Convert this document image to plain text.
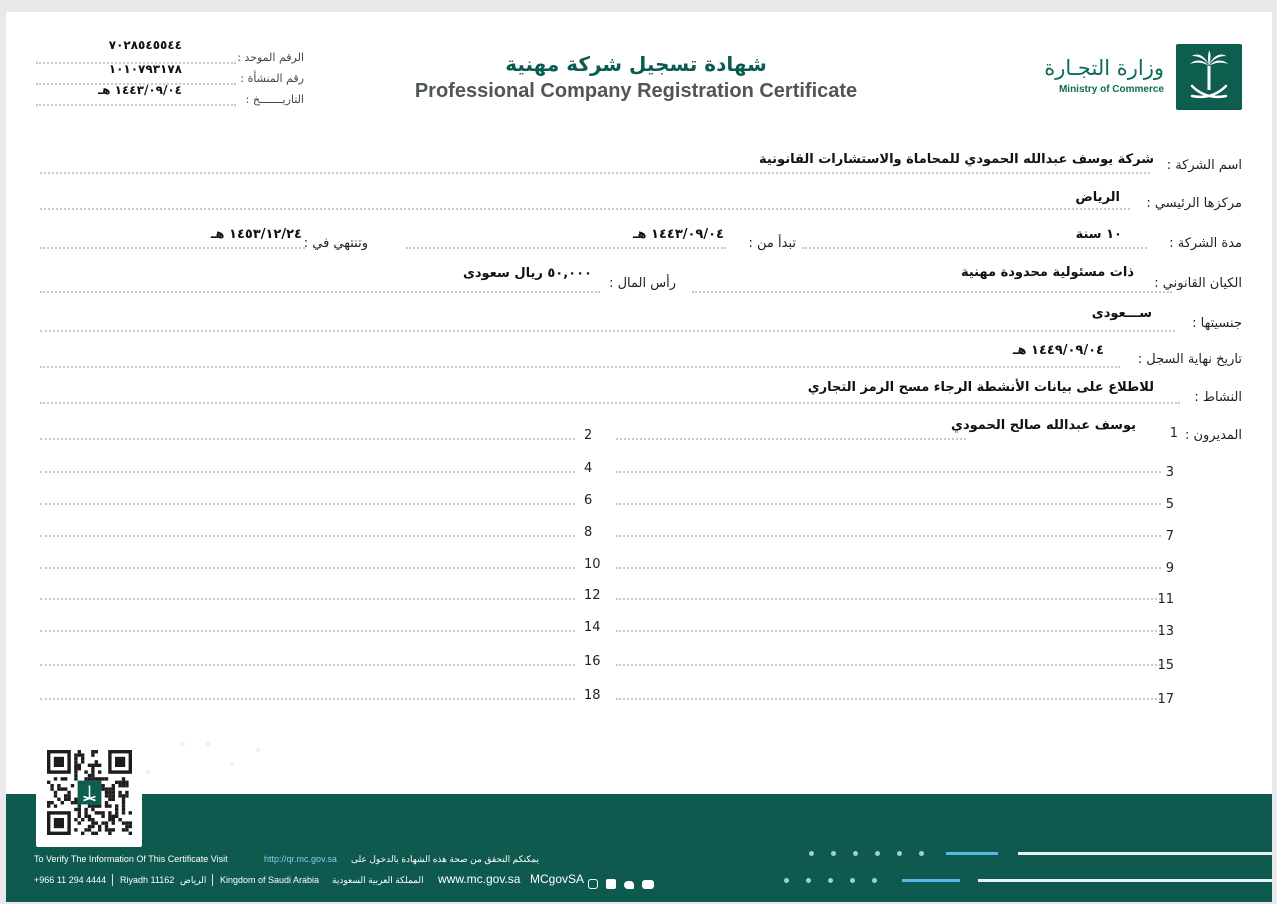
٧٠٢٨٥٤٥٥٤٤
الرقم الموحد :
١٠١٠٧٩٣١٧٨
رقم المنشأة :
١٤٤٣/٠٩/٠٤ هـ
التاريـــــــخ :
شهادة تسجيل شركة مهنية
Professional Company Registration Certificate
وزارة التجـارة
Ministry of Commerce
اسم الشركة :
شركة يوسف عبدالله الحمودي للمحاماة والاستشارات القانونية
مركزها الرئيسي :
الرياض
مدة الشركة :
١٠ سنة
تبدأ من :
١٤٤٣/٠٩/٠٤ هـ
وتنتهي في :
١٤٥٣/١٢/٢٤ هـ
الكيان القانوني :
ذات مسئولية محدودة مهنية
رأس المال :
٥٠,٠٠٠ ريال سعودى
جنسيتها :
ســـعودى
تاريخ نهاية السجل :
١٤٤٩/٠٩/٠٤ هـ
النشاط :
للاطلاع على بيانات الأنشطة الرجاء مسح الرمز التجاري
المديرون :
يوسف عبدالله صالح الحمودي
To Verify The Information Of This Certificate Visit	http://qr.mc.gov.sa يمكنكم التحقق من صحة هذه الشهادة بالدخول على
+966 11 294 4444 Riyadh 11162 الرياض Kingdom of Saudi Arabia المملكة العربية السعودية www.mc.gov.sa MCgovSA

1
3
5
7
9
11
13
15
17
2
4
6
8
10
12
14
16
18
